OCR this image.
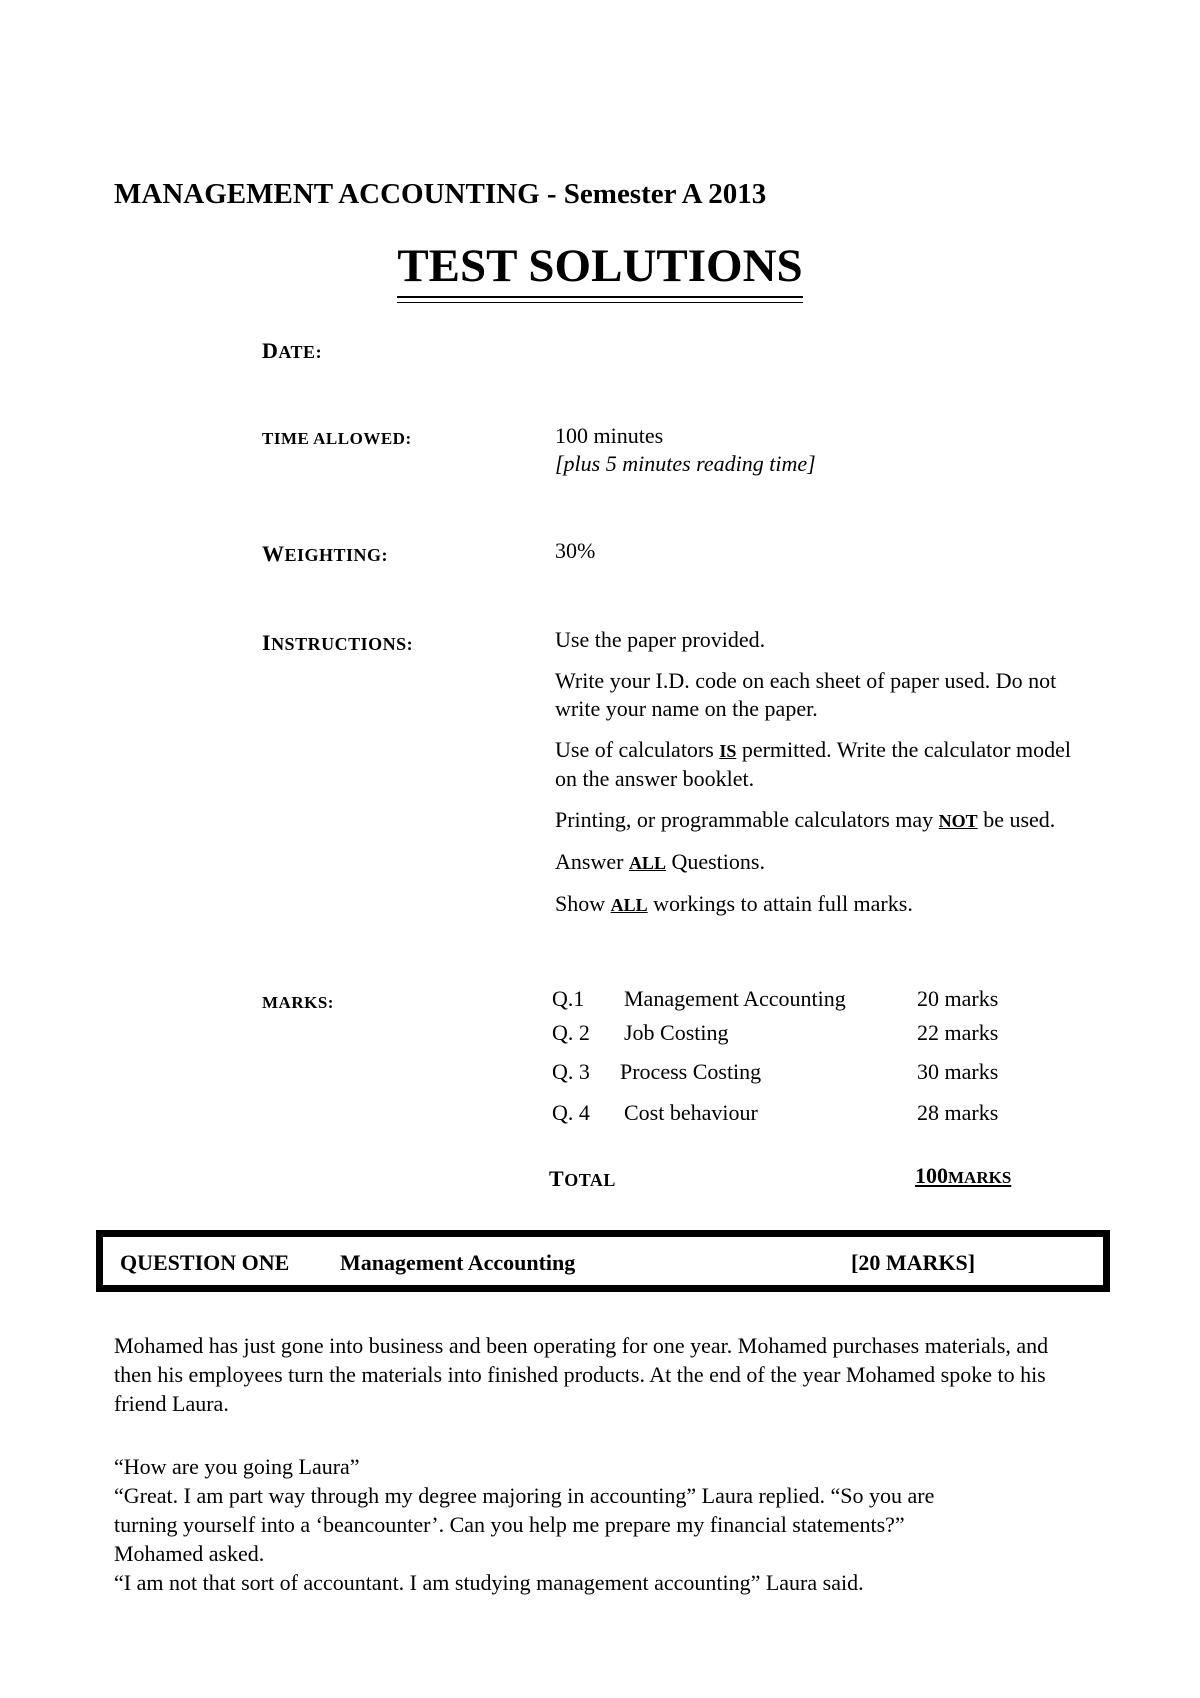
MANAGEMENT ACCOUNTING - Semester A 2013
TEST SOLUTIONS
DATE:
TIME ALLOWED:	100 minutes
[plus 5 minutes reading time]
WEIGHTING:	30%
INSTRUCTIONS:	Use the paper provided.

Write your I.D. code on each sheet of paper used. Do not write your name on the paper.

Use of calculators IS permitted. Write the calculator model on the answer booklet.

Printing, or programmable calculators may NOT be used.

Answer ALL Questions.

Show ALL workings to attain full marks.

MARKS:	Q.1 Management Accounting	20 marks
Q. 2 Job Costing	22 marks
Q. 3 Process Costing	30 marks
Q. 4 Cost behaviour	28 marks
TOTAL	100MARKS
QUESTION ONE Management Accounting	[20 MARKS]
Mohamed has just gone into business and been operating for one year. Mohamed purchases materials, and then his employees turn the materials into finished products. At the end of the year Mohamed spoke to his friend Laura.

“How are you going Laura”

“Great. I am part way through my degree majoring in accounting” Laura replied. “So you are turning yourself into a ‘beancounter’. Can you help me prepare my financial statements?” Mohamed asked.

“I am not that sort of accountant. I am studying management accounting” Laura said.
